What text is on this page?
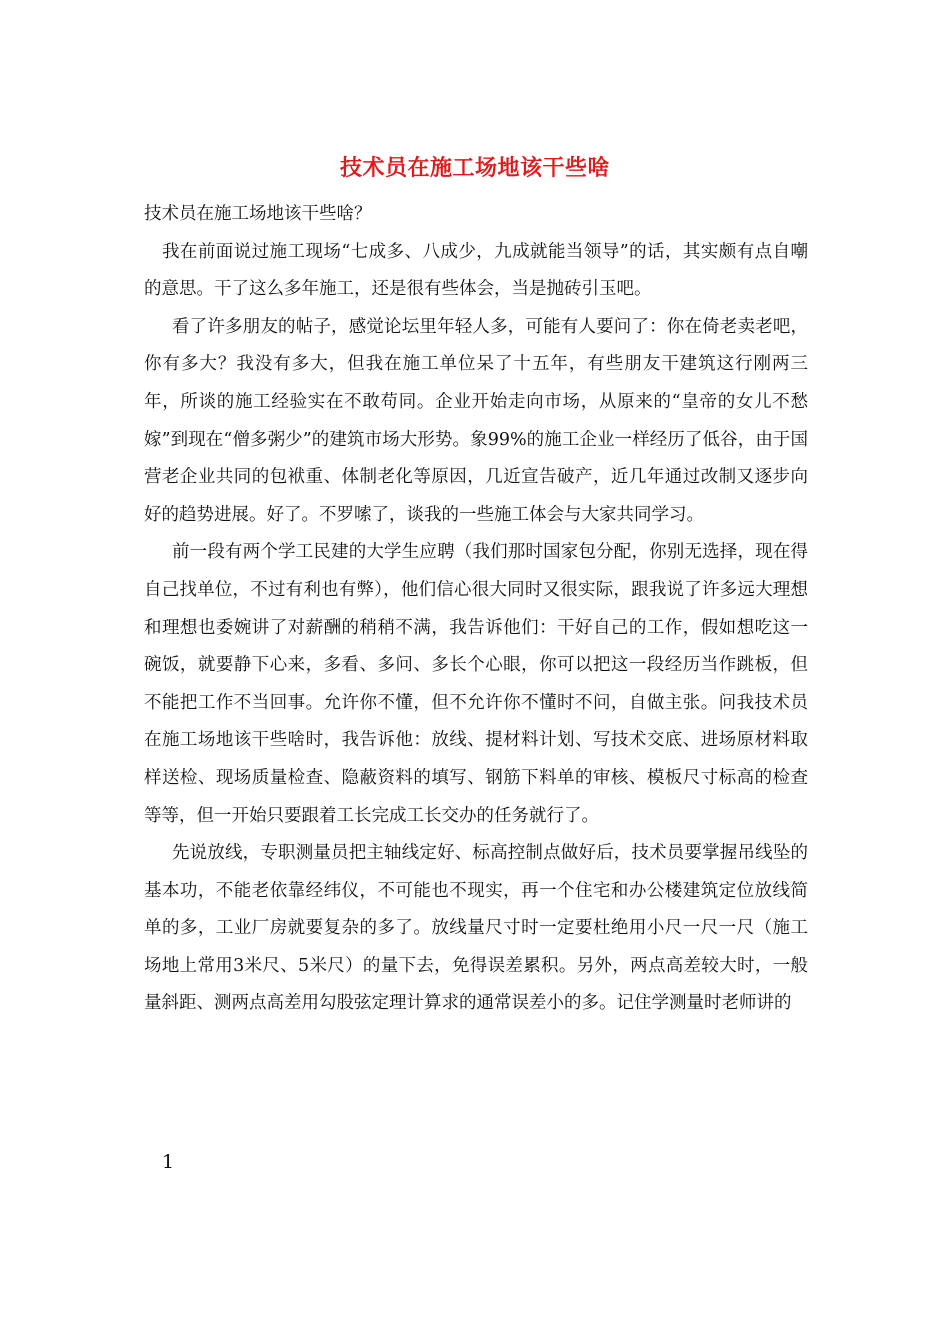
技术员在施工场地该干些啥

技术员在施工场地该干些啥？

我在前面说过施工现场“七成多、八成少，九成就能当领导”的话，其实颇有点自嘲的意思。干了这么多年施工，还是很有些体会，当是抛砖引玉吧。

看了许多朋友的帖子，感觉论坛里年轻人多，可能有人要问了：你在倚老卖老吧，你有多大？我没有多大，但我在施工单位呆了十五年，有些朋友干建筑这行刚两三年，所谈的施工经验实在不敢苟同。企业开始走向市场，从原来的“皇帝的女儿不愁嫁”到现在“僧多粥少”的建筑市场大形势。象99%的施工企业一样经历了低谷，由于国营老企业共同的包袱重、体制老化等原因，几近宣告破产，近几年通过改制又逐步向好的趋势进展。好了。不罗嗦了，谈我的一些施工体会与大家共同学习。

前一段有两个学工民建的大学生应聘（我们那时国家包分配，你别无选择，现在得自己找单位，不过有利也有弊），他们信心很大同时又很实际，跟我说了许多远大理想和理想也委婉讲了对薪酬的稍稍不满，我告诉他们：干好自己的工作，假如想吃这一碗饭，就要静下心来，多看、多问、多长个心眼，你可以把这一段经历当作跳板，但不能把工作不当回事。允许你不懂，但不允许你不懂时不问，自做主张。问我技术员在施工场地该干些啥时，我告诉他：放线、提材料计划、写技术交底、进场原材料取样送检、现场质量检查、隐蔽资料的填写、钢筋下料单的审核、模板尺寸标高的检查等等，但一开始只要跟着工长完成工长交办的任务就行了。

先说放线，专职测量员把主轴线定好、标高控制点做好后，技术员要掌握吊线坠的基本功，不能老依靠经纬仪，不可能也不现实，再一个住宅和办公楼建筑定位放线简单的多，工业厂房就要复杂的多了。放线量尺寸时一定要杜绝用小尺一尺一尺（施工场地上常用3米尺、5米尺）的量下去，免得误差累积。另外，两点高差较大时，一般量斜距、测两点高差用勾股弦定理计算求的通常误差小的多。记住学测量时老师讲的

1
